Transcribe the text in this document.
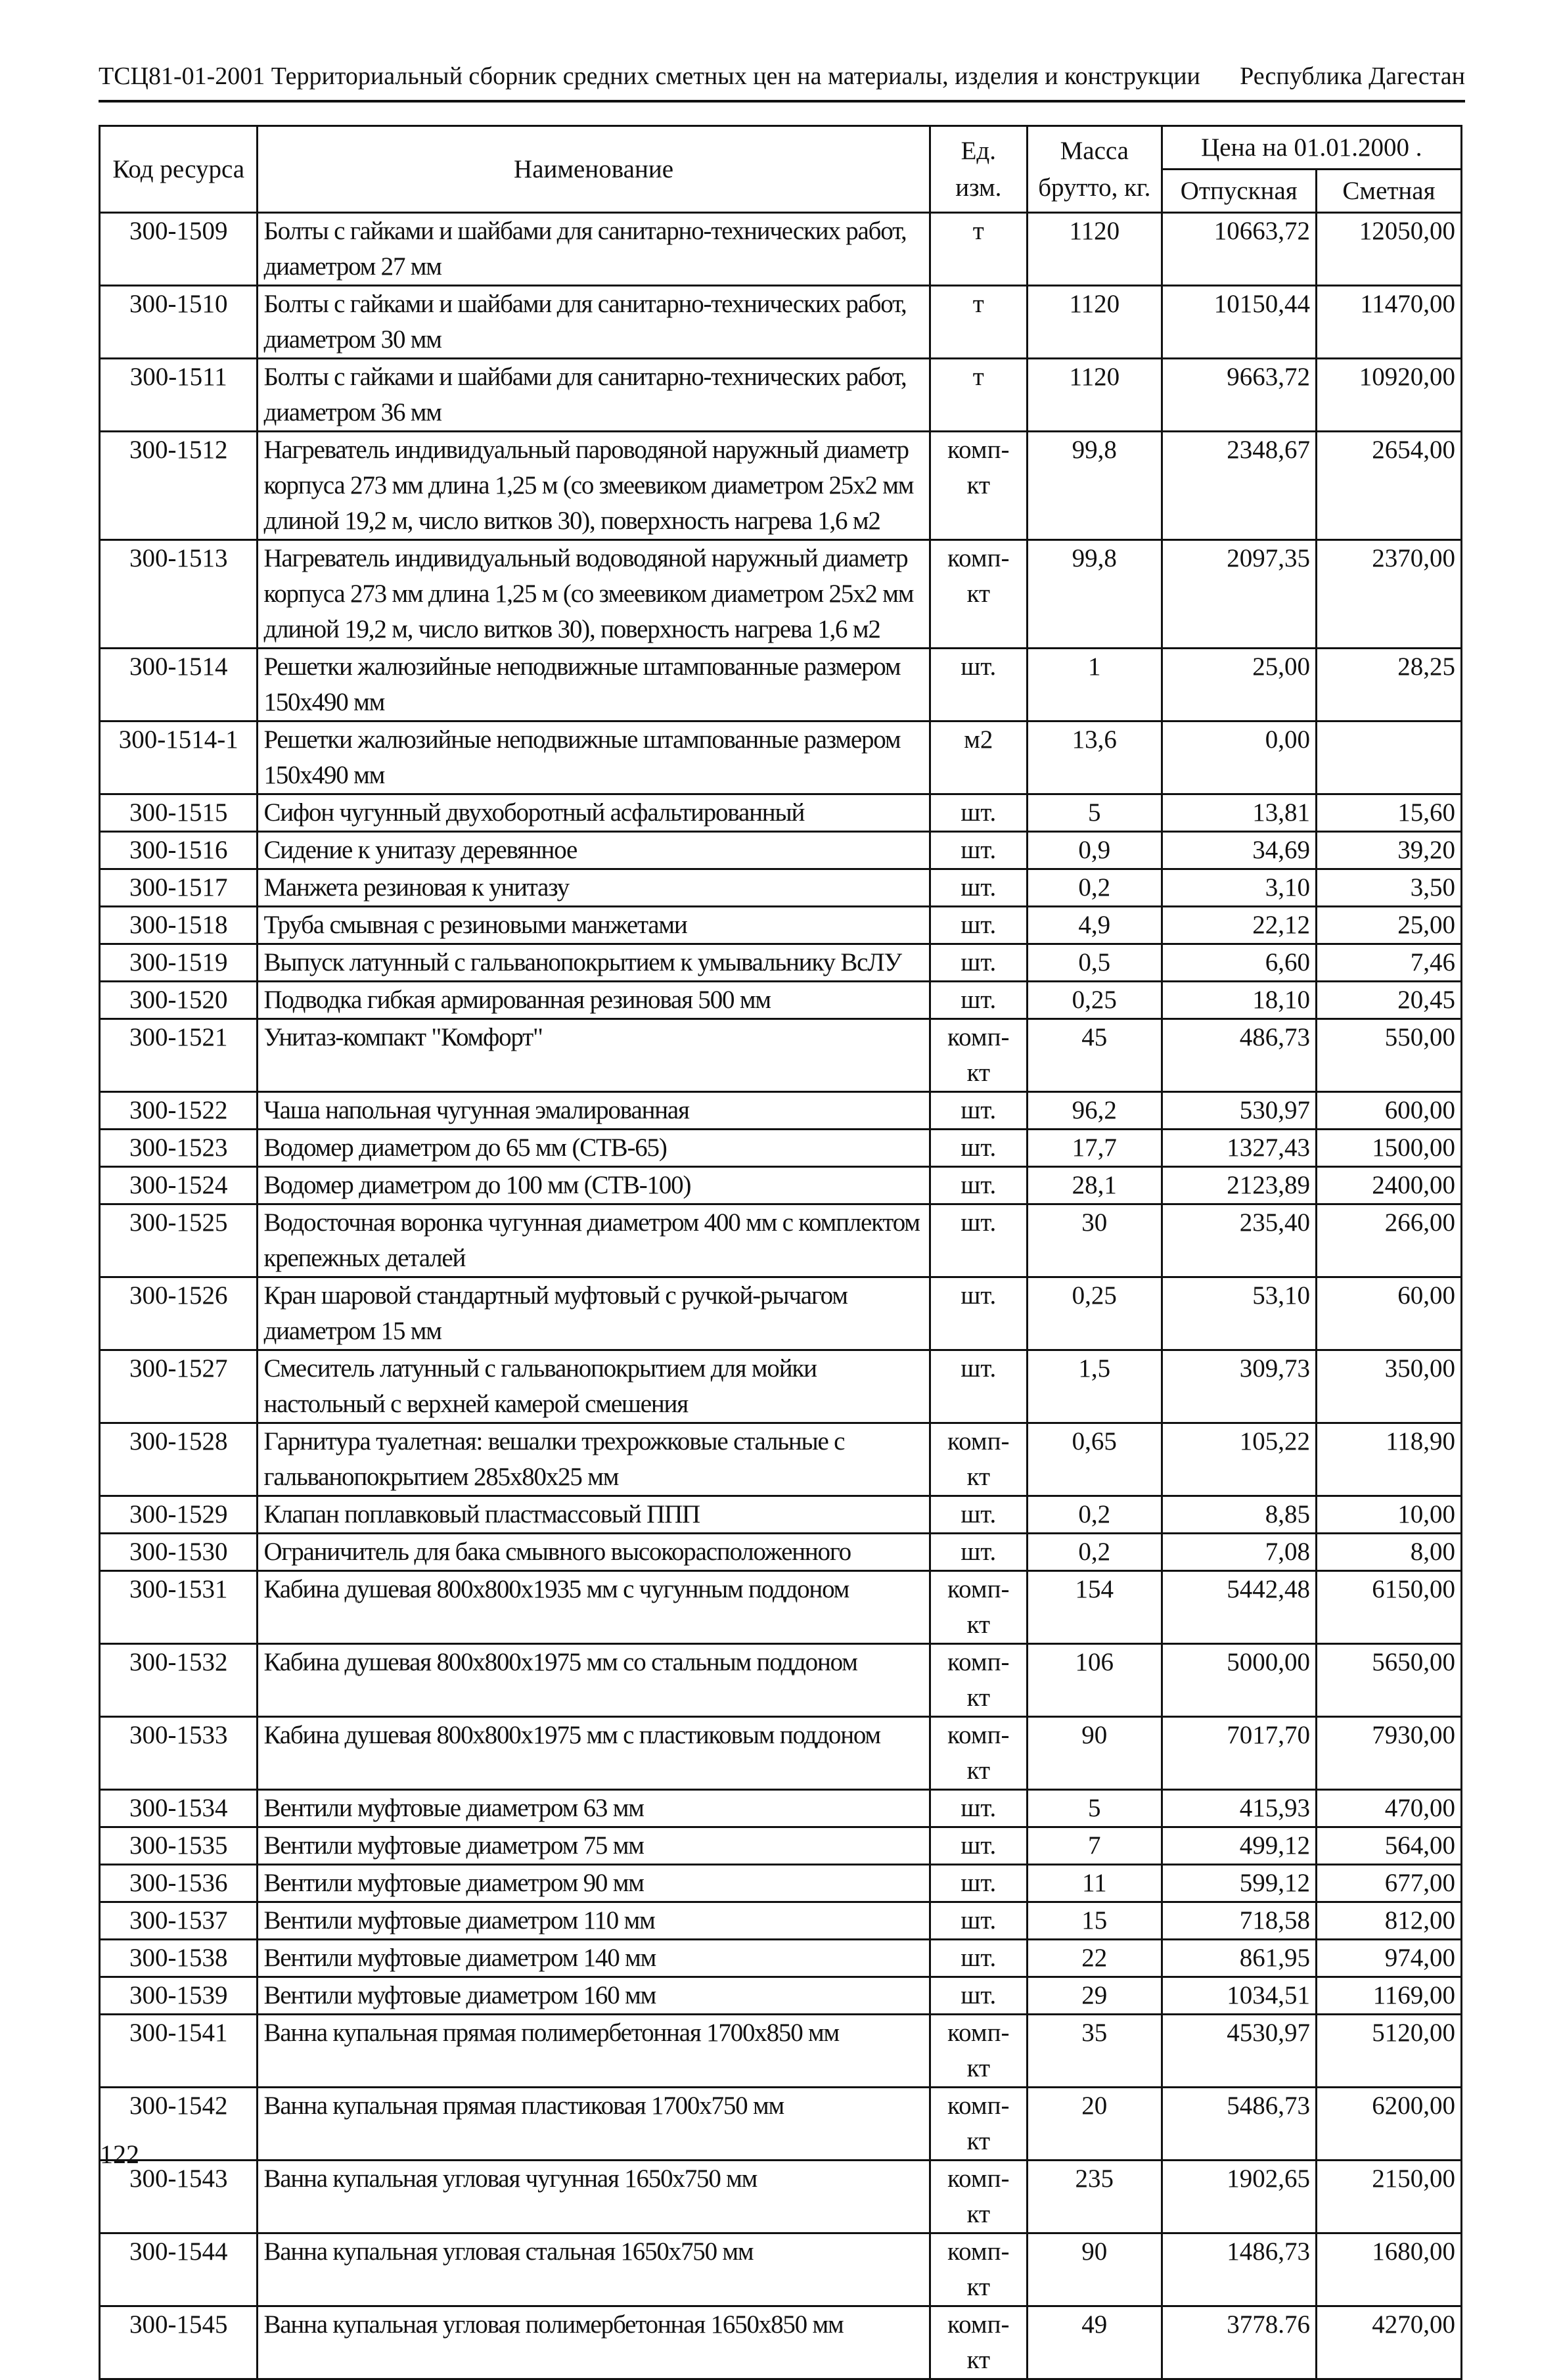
ТСЦ81-01-2001 Территориальный сборник средних сметных цен на материалы, изделия и конструкции Республика Дагестан
Код ресурса	Наименование	Ед. изм.	Масса брутто, кг.	Цена на 01.01.2000 .	
				Отпускная	Сметная
300-1509	Болты с гайками и шайбами для санитарно-технических работ, диаметром 27 мм	т	1120	10663,72	12050,00
300-1510	Болты с гайками и шайбами для санитарно-технических работ, диаметром 30 мм	т	1120	10150,44	11470,00
300-1511	Болты с гайками и шайбами для санитарно-технических работ, диаметром 36 мм	т	1120	9663,72	10920,00
300-1512	Нагреватель индивидуальный пароводяной наружный диаметр корпуса 273 мм длина 1,25 м (со змеевиком диаметром 25х2 мм длиной 19,2 м, число витков 30), поверхность нагрева 1,6 м2	комп-кт	99,8	2348,67	2654,00
300-1513	Нагреватель индивидуальный водоводяной наружный диаметр корпуса 273 мм длина 1,25 м (со змеевиком диаметром 25х2 мм длиной 19,2 м, число витков 30), поверхность нагрева 1,6 м2	комп-кт	99,8	2097,35	2370,00
300-1514	Решетки жалюзийные неподвижные штампованные размером 150х490 мм	шт.	1	25,00	28,25
300-1514-1	Решетки жалюзийные неподвижные штампованные размером 150х490 мм	м2	13,6	0,00	
300-1515	Сифон чугунный двухоборотный асфальтированный	шт.	5	13,81	15,60
300-1516	Сидение к унитазу деревянное	шт.	0,9	34,69	39,20
300-1517	Манжета резиновая к унитазу	шт.	0,2	3,10	3,50
300-1518	Труба смывная с резиновыми манжетами	шт.	4,9	22,12	25,00
300-1519	Выпуск латунный с гальванопокрытием к умывальнику ВсЛУ	шт.	0,5	6,60	7,46
300-1520	Подводка гибкая армированная резиновая 500 мм	шт.	0,25	18,10	20,45
300-1521	Унитаз-компакт "Комфорт"	комп-кт	45	486,73	550,00
300-1522	Чаша напольная чугунная эмалированная	шт.	96,2	530,97	600,00
300-1523	Водомер диаметром до 65 мм (СТВ-65)	шт.	17,7	1327,43	1500,00
300-1524	Водомер диаметром до 100 мм (СТВ-100)	шт.	28,1	2123,89	2400,00
300-1525	Водосточная воронка чугунная диаметром 400 мм с комплектом крепежных деталей	шт.	30	235,40	266,00
300-1526	Кран шаровой стандартный муфтовый с ручкой-рычагом диаметром 15 мм	шт.	0,25	53,10	60,00
300-1527	Смеситель латунный с гальванопокрытием для мойки настольный с верхней камерой смешения	шт.	1,5	309,73	350,00
300-1528	Гарнитура туалетная: вешалки трехрожковые стальные с гальванопокрытием 285х80х25 мм	комп-кт	0,65	105,22	118,90
300-1529	Клапан поплавковый пластмассовый ППП	шт.	0,2	8,85	10,00
300-1530	Ограничитель для бака смывного высокорасположенного	шт.	0,2	7,08	8,00
300-1531	Кабина душевая 800х800х1935 мм с чугунным поддоном	комп-кт	154	5442,48	6150,00
300-1532	Кабина душевая 800х800х1975 мм со стальным поддоном	комп-кт	106	5000,00	5650,00
300-1533	Кабина душевая 800х800х1975 мм с пластиковым поддоном	комп-кт	90	7017,70	7930,00
300-1534	Вентили муфтовые диаметром 63 мм	шт.	5	415,93	470,00
300-1535	Вентили муфтовые диаметром 75 мм	шт.	7	499,12	564,00
300-1536	Вентили муфтовые диаметром 90 мм	шт.	11	599,12	677,00
300-1537	Вентили муфтовые диаметром 110 мм	шт.	15	718,58	812,00
300-1538	Вентили муфтовые диаметром 140 мм	шт.	22	861,95	974,00
300-1539	Вентили муфтовые диаметром 160 мм	шт.	29	1034,51	1169,00
300-1541	Ванна купальная прямая полимербетонная 1700х850 мм	комп-кт	35	4530,97	5120,00
300-1542	Ванна купальная прямая пластиковая 1700х750 мм	комп-кт	20	5486,73	6200,00
300-1543	Ванна купальная угловая чугунная 1650х750 мм	комп-кт	235	1902,65	2150,00
300-1544	Ванна купальная угловая стальная 1650х750 мм	комп-кт	90	1486,73	1680,00
300-1545	Ванна купальная угловая полимербетонная 1650х850 мм	комп-кт	49	3778.76	4270,00
122
